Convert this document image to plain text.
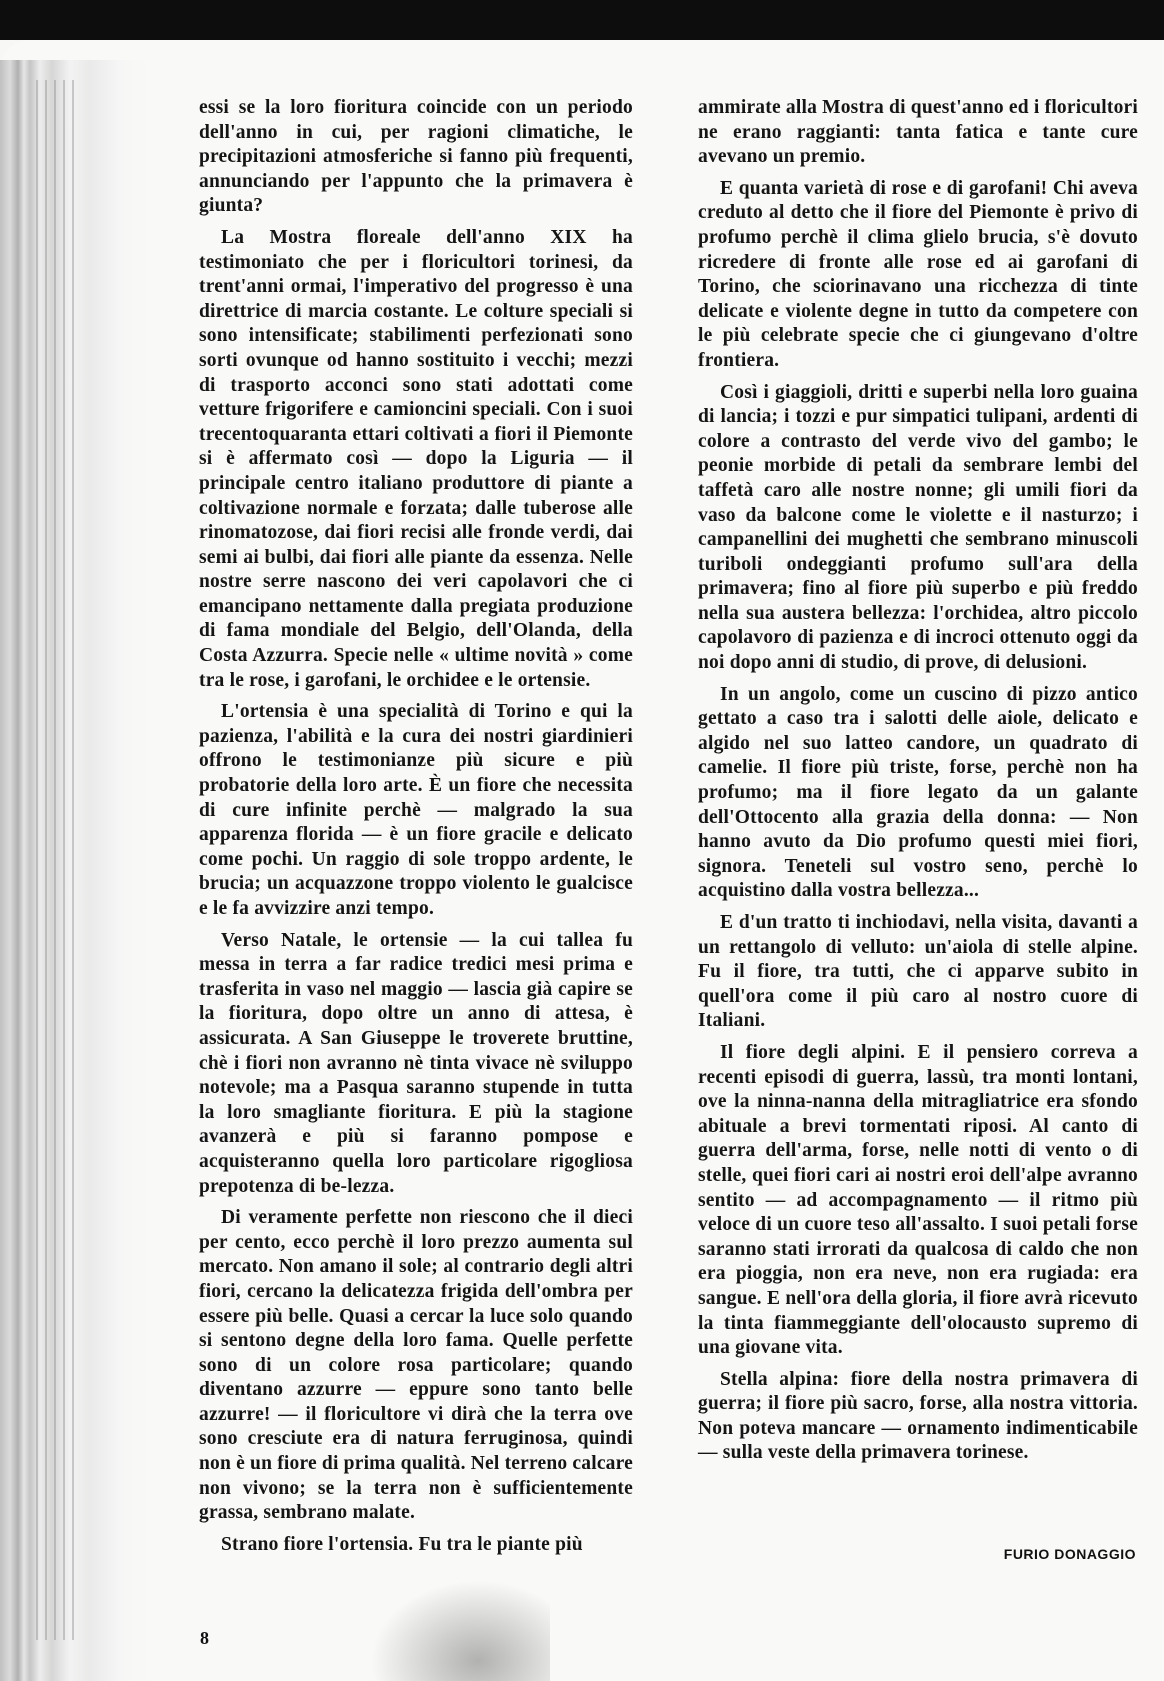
essi se la loro fioritura coincide con un periodo dell'anno in cui, per ragioni climatiche, le precipitazioni atmosferiche si fanno più frequenti, annunciando per l'appunto che la primavera è giunta?

La Mostra floreale dell'anno XIX ha testimoniato che per i floricultori torinesi, da trent'anni ormai, l'imperativo del progresso è una direttrice di marcia costante. Le colture speciali si sono intensificate; stabilimenti perfezionati sono sorti ovunque od hanno sostituito i vecchi; mezzi di trasporto acconci sono stati adottati come vetture frigorifere e camioncini speciali. Con i suoi trecentoquaranta ettari coltivati a fiori il Piemonte si è affermato così — dopo la Liguria — il principale centro italiano produttore di piante a coltivazione normale e forzata; dalle tuberose alle rinomatozose, dai fiori recisi alle fronde verdi, dai semi ai bulbi, dai fiori alle piante da essenza. Nelle nostre serre nascono dei veri capolavori che ci emancipano nettamente dalla pregiata produzione di fama mondiale del Belgio, dell'Olanda, della Costa Azzurra. Specie nelle « ultime novità » come tra le rose, i garofani, le orchidee e le ortensie.

L'ortensia è una specialità di Torino e qui la pazienza, l'abilità e la cura dei nostri giardinieri offrono le testimonianze più sicure e più probatorie della loro arte. È un fiore che necessita di cure infinite perchè — malgrado la sua apparenza florida — è un fiore gracile e delicato come pochi. Un raggio di sole troppo ardente, le brucia; un acquazzone troppo violento le gualcisce e le fa avvizzire anzi tempo.

Verso Natale, le ortensie — la cui tallea fu messa in terra a far radice tredici mesi prima e trasferita in vaso nel maggio — lascia già capire se la fioritura, dopo oltre un anno di attesa, è assicurata. A San Giuseppe le troverete bruttine, chè i fiori non avranno nè tinta vivace nè sviluppo notevole; ma a Pasqua saranno stupende in tutta la loro smagliante fioritura. E più la stagione avanzerà e più si faranno pompose e acquisteranno quella loro particolare rigogliosa prepotenza di be-lezza.

Di veramente perfette non riescono che il dieci per cento, ecco perchè il loro prezzo aumenta sul mercato. Non amano il sole; al contrario degli altri fiori, cercano la delicatezza frigida dell'ombra per essere più belle. Quasi a cercar la luce solo quando si sentono degne della loro fama. Quelle perfette sono di un colore rosa particolare; quando diventano azzurre — eppure sono tanto belle azzurre! — il floricultore vi dirà che la terra ove sono cresciute era di natura ferruginosa, quindi non è un fiore di prima qualità. Nel terreno calcare non vivono; se la terra non è sufficientemente grassa, sembrano malate.

Strano fiore l'ortensia. Fu tra le piante più

ammirate alla Mostra di quest'anno ed i floricultori ne erano raggianti: tanta fatica e tante cure avevano un premio.

E quanta varietà di rose e di garofani! Chi aveva creduto al detto che il fiore del Piemonte è privo di profumo perchè il clima glielo brucia, s'è dovuto ricredere di fronte alle rose ed ai garofani di Torino, che sciorinavano una ricchezza di tinte delicate e violente degne in tutto da competere con le più celebrate specie che ci giungevano d'oltre frontiera.

Così i giaggioli, dritti e superbi nella loro guaina di lancia; i tozzi e pur simpatici tulipani, ardenti di colore a contrasto del verde vivo del gambo; le peonie morbide di petali da sembrare lembi del taffetà caro alle nostre nonne; gli umili fiori da vaso da balcone come le violette e il nasturzo; i campanellini dei mughetti che sembrano minuscoli turiboli ondeggianti profumo sull'ara della primavera; fino al fiore più superbo e più freddo nella sua austera bellezza: l'orchidea, altro piccolo capolavoro di pazienza e di incroci ottenuto oggi da noi dopo anni di studio, di prove, di delusioni.

In un angolo, come un cuscino di pizzo antico gettato a caso tra i salotti delle aiole, delicato e algido nel suo latteo candore, un quadrato di camelie. Il fiore più triste, forse, perchè non ha profumo; ma il fiore legato da un galante dell'Ottocento alla grazia della donna: — Non hanno avuto da Dio profumo questi miei fiori, signora. Teneteli sul vostro seno, perchè lo acquistino dalla vostra bellezza...

E d'un tratto ti inchiodavi, nella visita, davanti a un rettangolo di velluto: un'aiola di stelle alpine. Fu il fiore, tra tutti, che ci apparve subito in quell'ora come il più caro al nostro cuore di Italiani.

Il fiore degli alpini. E il pensiero correva a recenti episodi di guerra, lassù, tra monti lontani, ove la ninna-nanna della mitragliatrice era sfondo abituale a brevi tormentati riposi. Al canto di guerra dell'arma, forse, nelle notti di vento o di stelle, quei fiori cari ai nostri eroi dell'alpe avranno sentito — ad accompagnamento — il ritmo più veloce di un cuore teso all'assalto. I suoi petali forse saranno stati irrorati da qualcosa di caldo che non era pioggia, non era neve, non era rugiada: era sangue. E nell'ora della gloria, il fiore avrà ricevuto la tinta fiammeggiante dell'olocausto supremo di una giovane vita.

Stella alpina: fiore della nostra primavera di guerra; il fiore più sacro, forse, alla nostra vittoria. Non poteva mancare — ornamento indimenticabile — sulla veste della primavera torinese.

FURIO DONAGGIO
8
